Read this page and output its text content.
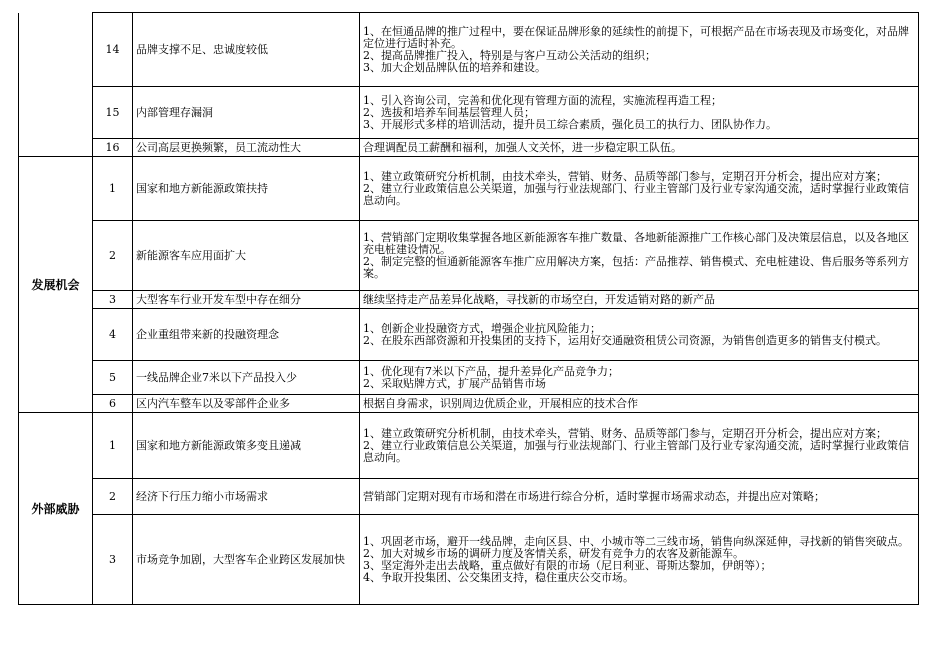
	14	品牌支撑不足、忠诚度较低	1、在恒通品牌的推广过程中，要在保证品牌形象的延续性的前提下，可根据产品在市场表现及市场变化，对品牌定位进行适时补充。
2、提高品牌推广投入，特别是与客户互动公关活动的组织；
3、加大企划品牌队伍的培养和建设。

	15	内部管理存漏洞	1、引入咨询公司，完善和优化现有管理方面的流程，实施流程再造工程；
2、选拔和培养车间基层管理人员；
3、开展形式多样的培训活动，提升员工综合素质，强化员工的执行力、团队协作力。

	16	公司高层更换频繁，员工流动性大	合理调配员工薪酬和福利，加强人文关怀，进一步稳定职工队伍。

发展机会	1	国家和地方新能源政策扶持	1、建立政策研究分析机制，由技术牵头，营销、财务、品质等部门参与，定期召开分析会，提出应对方案；
2、建立行业政策信息公关渠道，加强与行业法规部门、行业主管部门及行业专家沟通交流，适时掌握行业政策信息动向。

	2	新能源客车应用面扩大	1、营销部门定期收集掌握各地区新能源客车推广数量、各地新能源推广工作核心部门及决策层信息，以及各地区充电桩建设情况。
2、制定完整的恒通新能源客车推广应用解决方案，包括：产品推荐、销售模式、充电桩建设、售后服务等系列方案。

	3	大型客车行业开发车型中存在细分	继续坚持走产品差异化战略，寻找新的市场空白，开发适销对路的新产品

	4	企业重组带来新的投融资理念	1、创新企业投融资方式，增强企业抗风险能力；
2、在股东西部资源和开投集团的支持下，运用好交通融资租赁公司资源，为销售创造更多的销售支付模式。

	5	一线品牌企业7米以下产品投入少	1、优化现有7米以下产品，提升差异化产品竞争力；
2、采取贴牌方式，扩展产品销售市场

	6	区内汽车整车以及零部件企业多	根据自身需求，识别周边优质企业，开展相应的技术合作

外部威胁	1	国家和地方新能源政策多变且递减	1、建立政策研究分析机制，由技术牵头，营销、财务、品质等部门参与，定期召开分析会，提出应对方案；
2、建立行业政策信息公关渠道，加强与行业法规部门、行业主管部门及行业专家沟通交流，适时掌握行业政策信息动向。

	2	经济下行压力缩小市场需求	营销部门定期对现有市场和潜在市场进行综合分析，适时掌握市场需求动态，并提出应对策略；

	3	市场竞争加剧，大型客车企业跨区发展加快	1、巩固老市场，避开一线品牌，走向区县、中、小城市等二三线市场，销售向纵深延伸，寻找新的销售突破点。
2、加大对城乡市场的调研力度及客情关系，研发有竞争力的农客及新能源车。
3、坚定海外走出去战略，重点做好有限的市场（尼日利亚、哥斯达黎加，伊朗等）；
4、争取开投集团、公交集团支持，稳住重庆公交市场。
